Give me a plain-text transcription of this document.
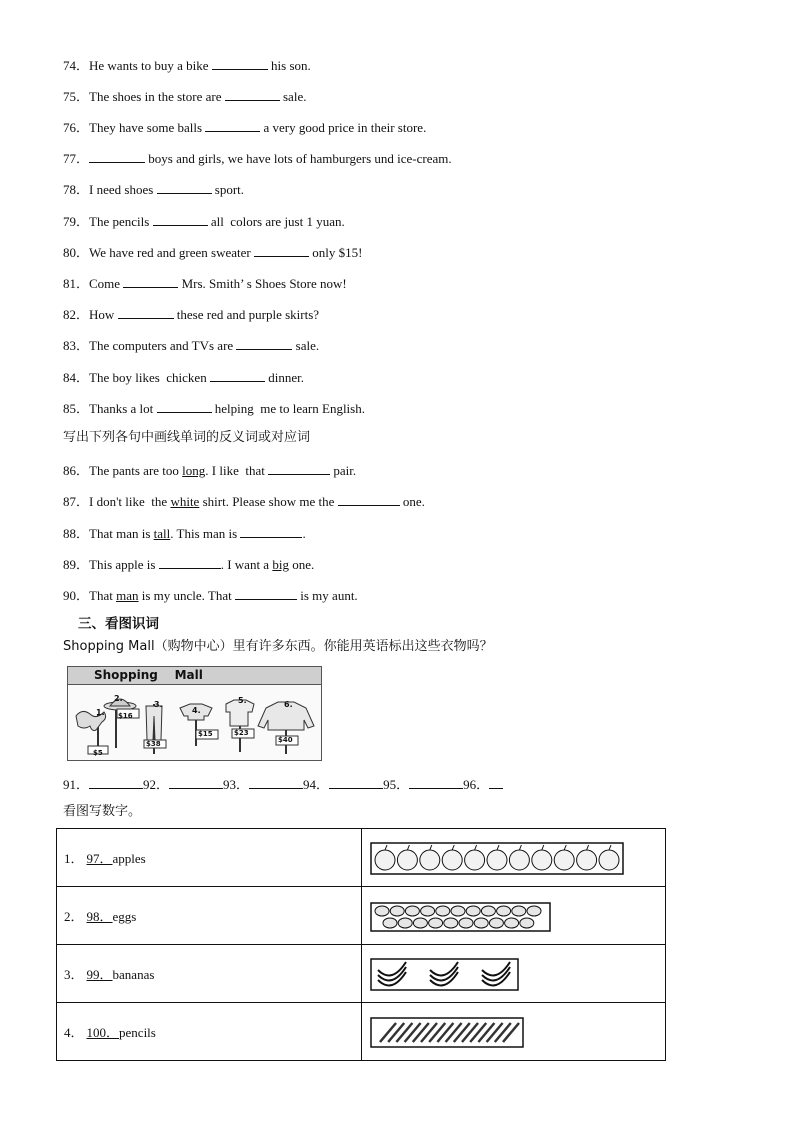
74．He wants to buy a bike	his son.
75．The shoes in the store are	sale.
76．They have some balls	a very good price in their store.
77．	boys and girls, we have lots of hamburgers und ice-cream.
78．I need shoes	sport.
79．The pencils	all  colors are just 1 yuan.
80．We have red and green sweater	only $15!
81．Come	Mrs. Smith’ s Shoes Store now!
82．How	these red and purple skirts?
83．The computers and TVs are	sale.
84．The boy likes  chicken	dinner.
85．Thanks a lot	helping  me to learn English.
写出下列各句中画线单词的反义词或对应词
86．The pants are too long. I like  that	pair.
87．I don't like  the white shirt. Please show me the	one.
88．That man is tall. This man is	.
89．This apple is	. I want a big one.
90．That man is my uncle. That	is my aunt.
三、看图识词
Shopping Mall（购物中心）里有许多东西。你能用英语标出这些衣物吗？
Shopping    Mall
1.
2.
3.
4.
5.	6.
$5
$16
$38
$15	$23
$40
91．	92．	93．	94．	95．	96．
看图写数字。
1． 97．apples	
2． 98．eggs	
3． 99．bananas	
4． 100．pencils	
